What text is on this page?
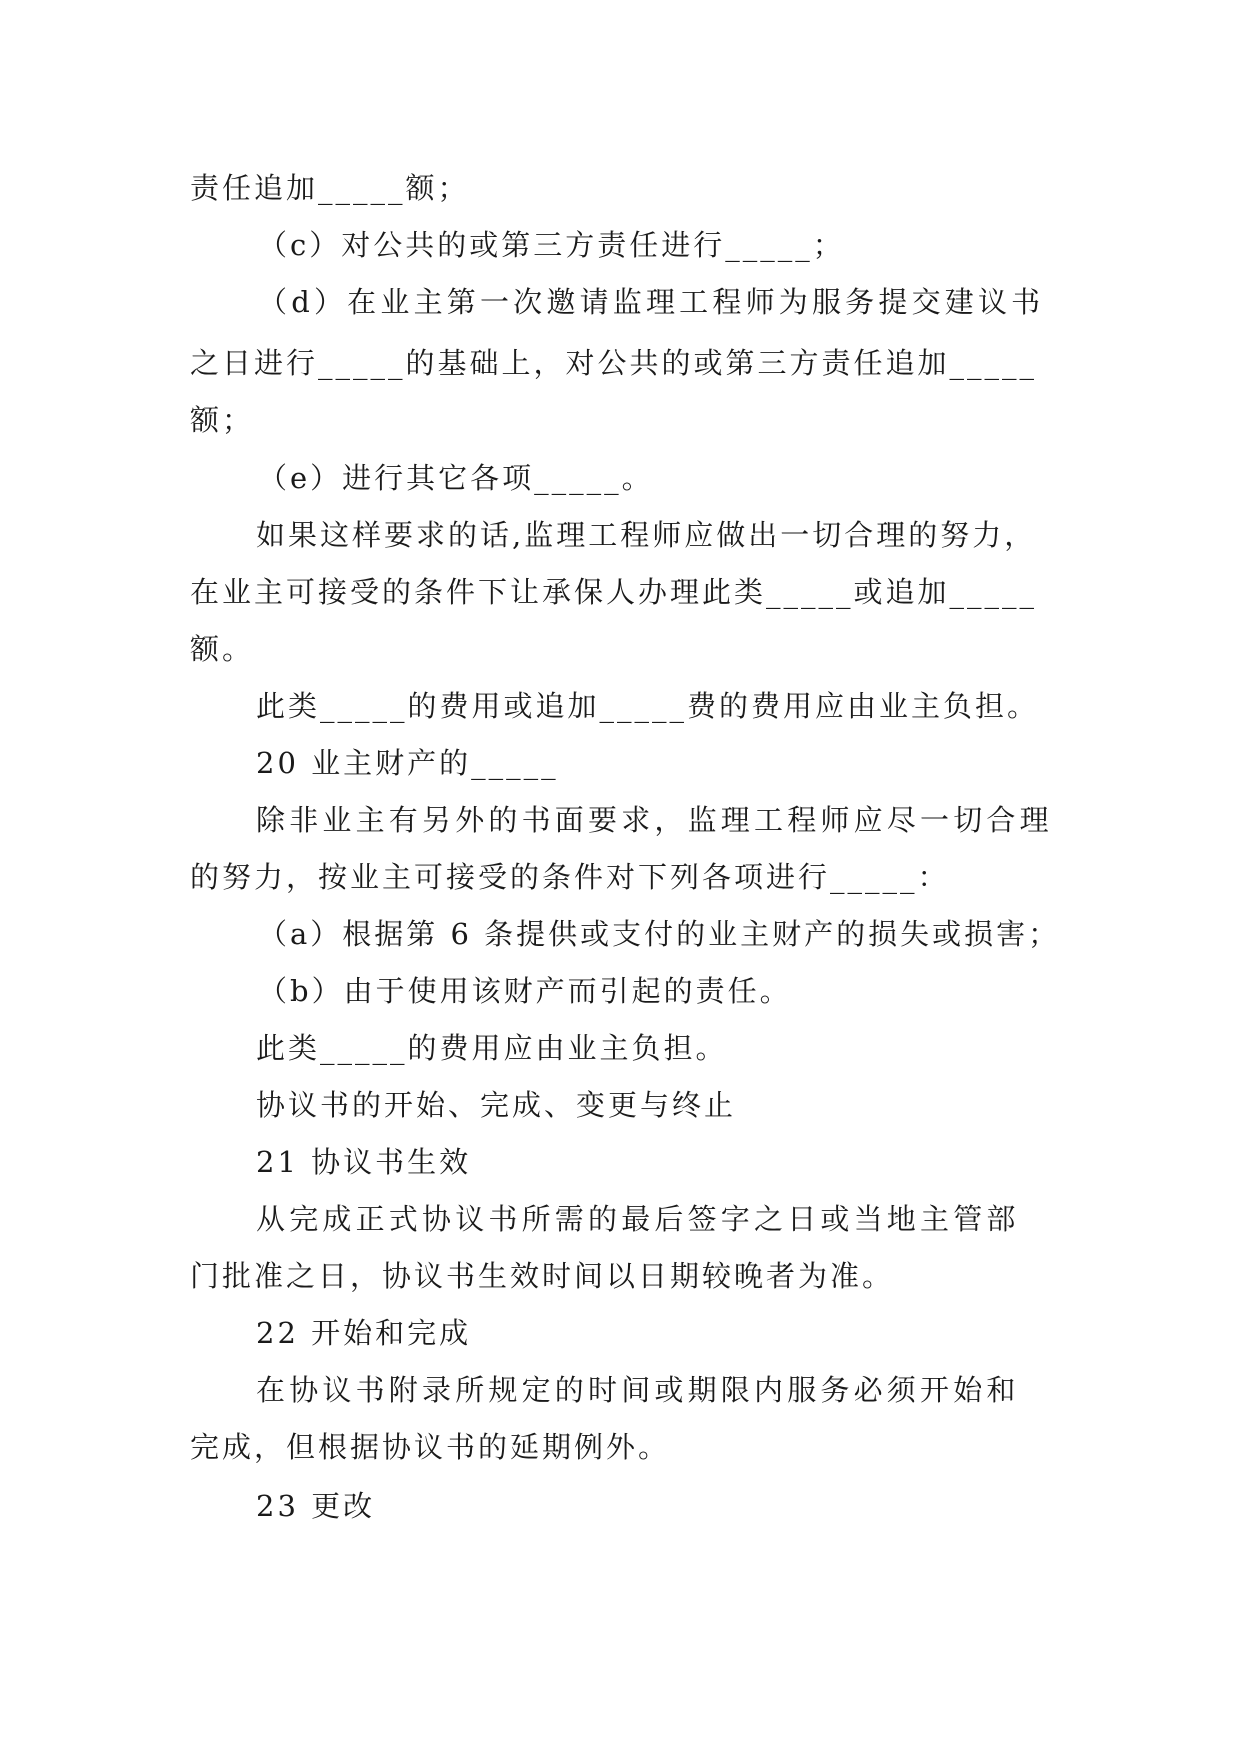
责任追加_____额；
（c）对公共的或第三方责任进行_____；
（d）在业主第一次邀请监理工程师为服务提交建议书
之日进行_____的基础上，对公共的或第三方责任追加_____
额；
（e）进行其它各项_____。
如果这样要求的话,监理工程师应做出一切合理的努力，
在业主可接受的条件下让承保人办理此类_____或追加_____
额。
此类_____的费用或追加_____费的费用应由业主负担。
20 业主财产的_____
除非业主有另外的书面要求，监理工程师应尽一切合理
的努力，按业主可接受的条件对下列各项进行_____：
（a）根据第 6 条提供或支付的业主财产的损失或损害；
（b）由于使用该财产而引起的责任。
此类_____的费用应由业主负担。
协议书的开始、完成、变更与终止
21 协议书生效
从完成正式协议书所需的最后签字之日或当地主管部
门批准之日，协议书生效时间以日期较晚者为准。
22 开始和完成
在协议书附录所规定的时间或期限内服务必须开始和
完成，但根据协议书的延期例外。
23 更改
